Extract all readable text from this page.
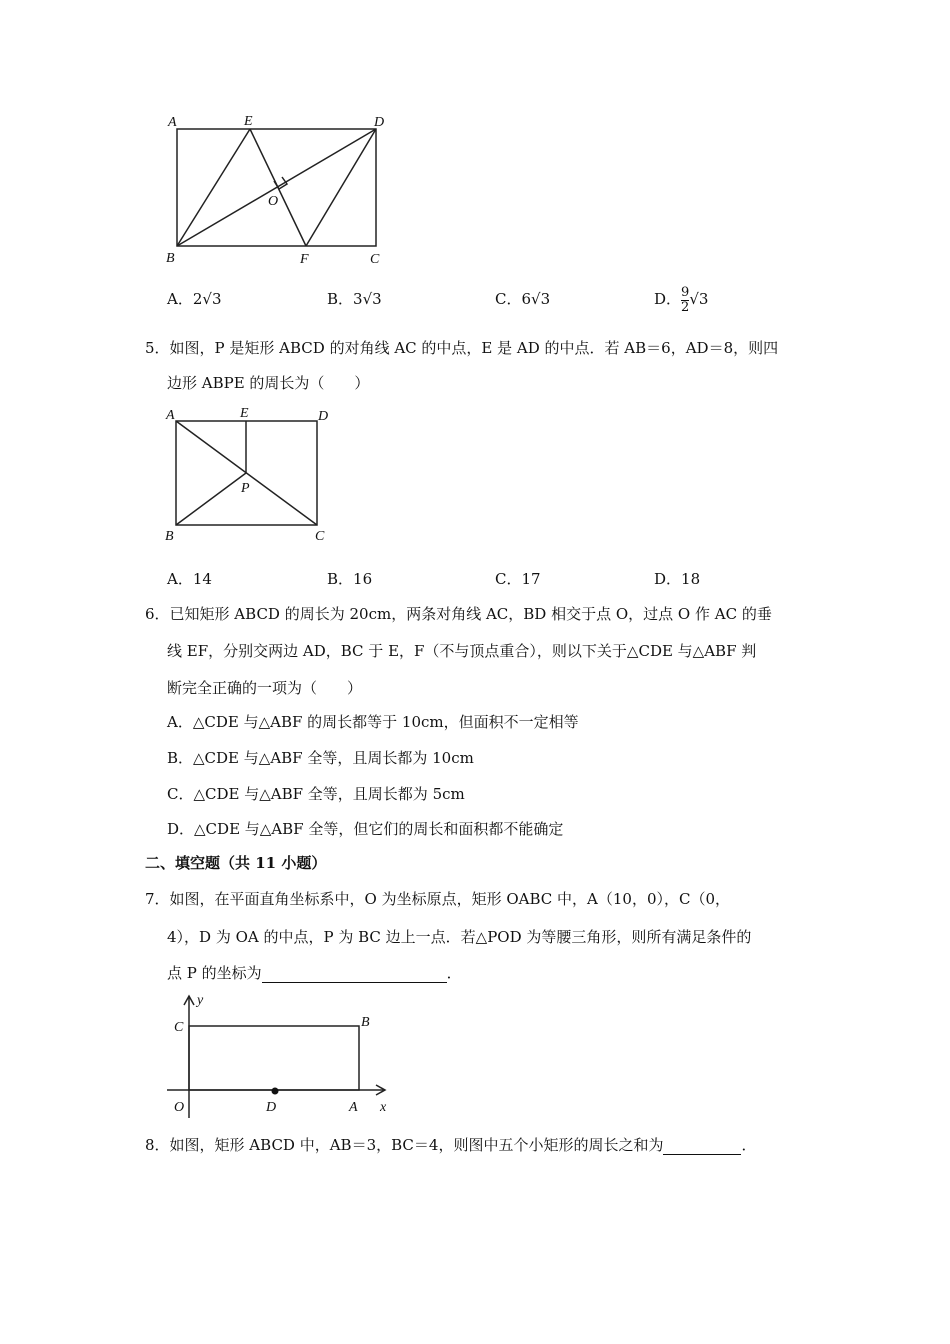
A	E	D
O
B	F	C
A．2√3	B．3√3	C．6√3	D． $\frac{9}{2} √3$
5．如图，P 是矩形 ABCD 的对角线 AC 的中点，E 是 AD 的中点．若 AB＝6，AD＝8，则四
边形 ABPE 的周长为（　　）
A	E	D
P
B	C
A．14	B．16	C．17	D．18
6．已知矩形 ABCD 的周长为 20cm，两条对角线 AC，BD 相交于点 O，过点 O 作 AC 的垂
线 EF，分别交两边 AD，BC 于 E，F（不与顶点重合），则以下关于△CDE 与△ABF 判
断完全正确的一项为（　　）
A．△CDE 与△ABF 的周长都等于 10cm，但面积不一定相等
B．△CDE 与△ABF 全等，且周长都为 10cm
C．△CDE 与△ABF 全等，且周长都为 5cm
D．△CDE 与△ABF 全等，但它们的周长和面积都不能确定
二、填空题（共 11 小题）
7．如图，在平面直角坐标系中，O 为坐标原点，矩形 OABC 中，A（10，0），C（0，
4），D 为 OA 的中点，P 为 BC 边上一点．若△POD 为等腰三角形，则所有满足条件的
点 P 的坐标为	．
y
C	B
O	D	A x
8．如图，矩形 ABCD 中，AB＝3，BC＝4，则图中五个小矩形的周长之和为	．
